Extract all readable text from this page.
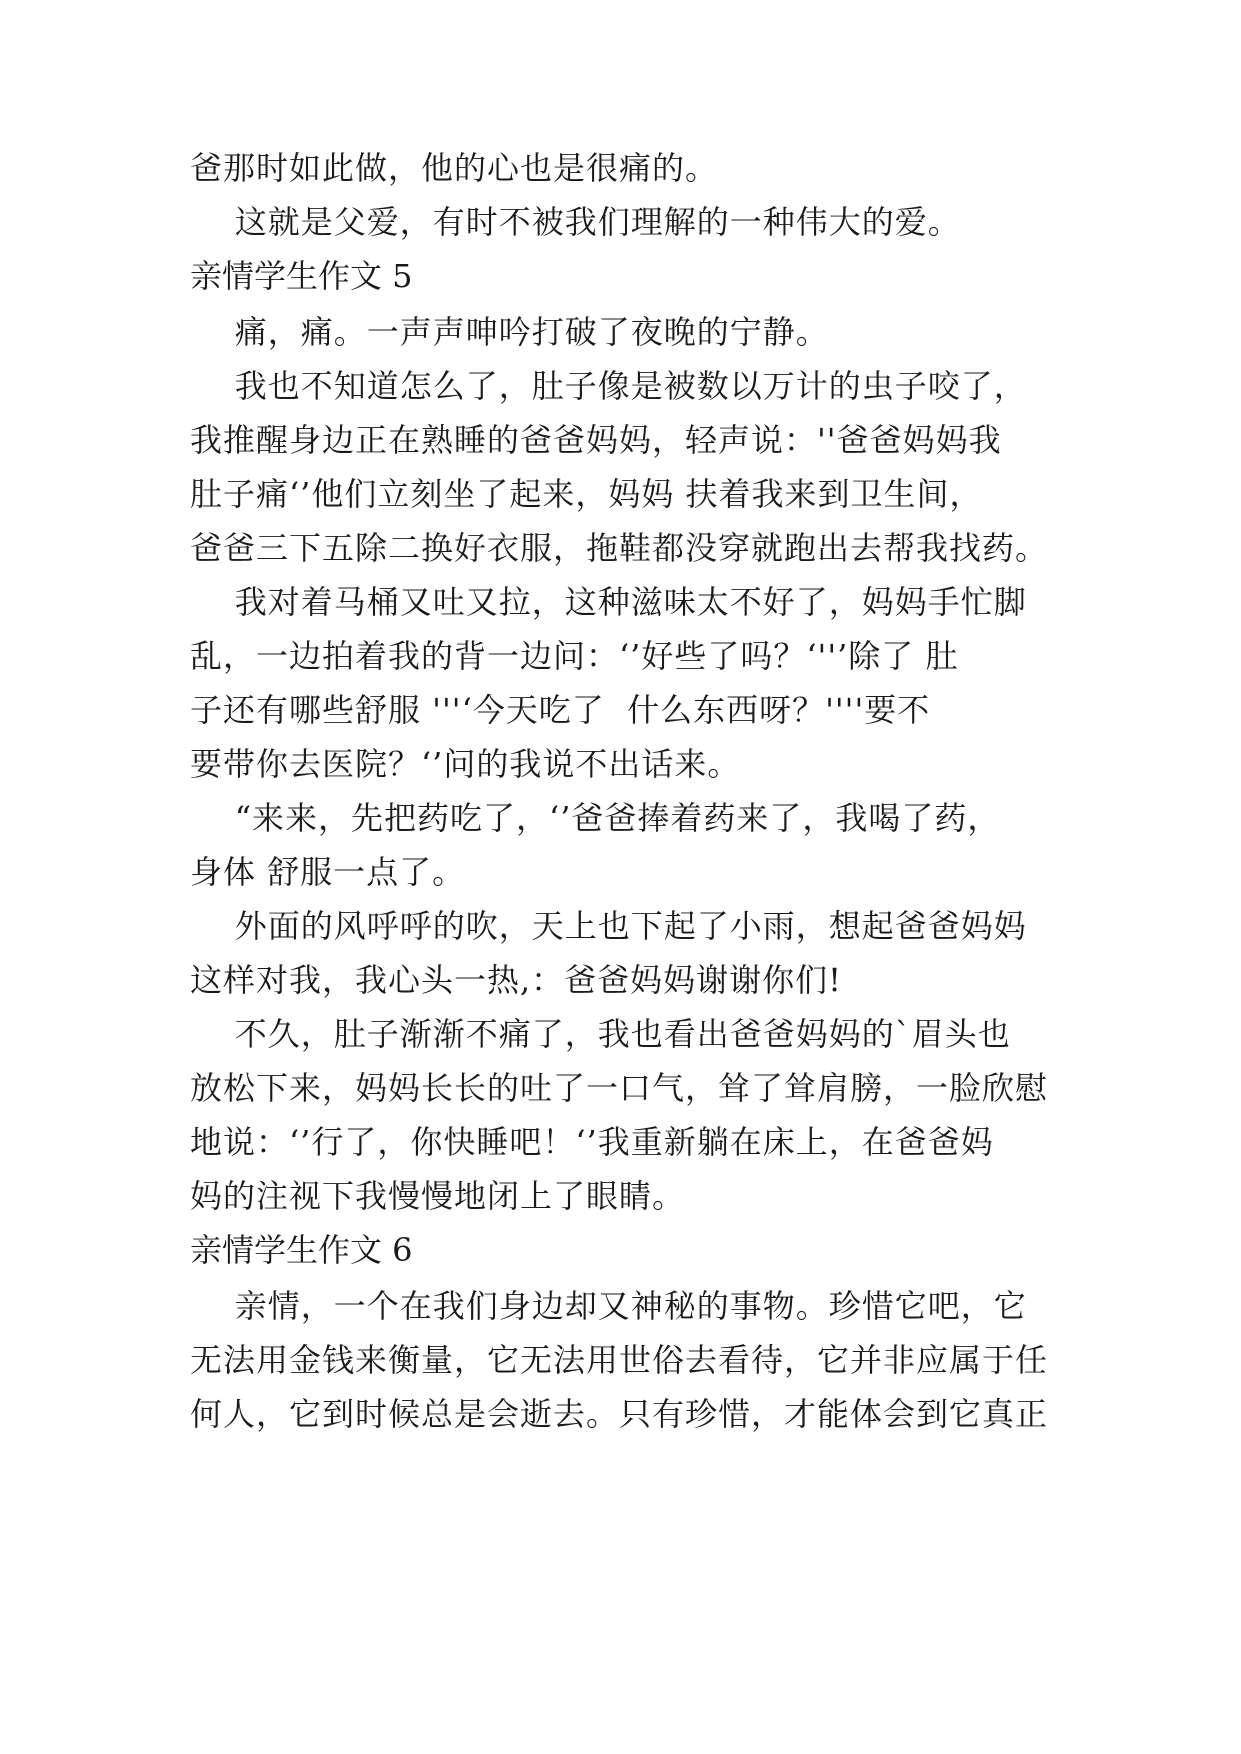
爸那时如此做，他的心也是很痛的。
这就是父爱，有时不被我们理解的一种伟大的爱。
亲情学生作文 5
痛，痛。一声声呻吟打破了夜晚的宁静。
我也不知道怎么了，肚子像是被数以万计的虫子咬了，
我推醒身边正在熟睡的爸爸妈妈，轻声说：''爸爸妈妈我
肚子痛‘’他们立刻坐了起来，妈妈 扶着我来到卫生间，
爸爸三下五除二换好衣服，拖鞋都没穿就跑出去帮我找药。
我对着马桶又吐又拉，这种滋味太不好了，妈妈手忙脚
乱，一边拍着我的背一边问：‘’好些了吗？‘''’除了 肚
子还有哪些舒服 '''‘今天吃了  什么东西呀？''''要不
要带你去医院？‘’问的我说不出话来。
“来来，先把药吃了，‘’爸爸捧着药来了，我喝了药，
身体 舒服一点了。
外面的风呼呼的吹，天上也下起了小雨，想起爸爸妈妈
这样对我，我心头一热,：爸爸妈妈谢谢你们!
不久，肚子渐渐不痛了，我也看出爸爸妈妈的`眉头也
放松下来，妈妈长长的吐了一口气，耸了耸肩膀，一脸欣慰
地说：‘’行了，你快睡吧！‘’我重新躺在床上，在爸爸妈
妈的注视下我慢慢地闭上了眼睛。
亲情学生作文 6
亲情，一个在我们身边却又神秘的事物。珍惜它吧，它
无法用金钱来衡量，它无法用世俗去看待，它并非应属于任
何人，它到时候总是会逝去。只有珍惜，才能体会到它真正
